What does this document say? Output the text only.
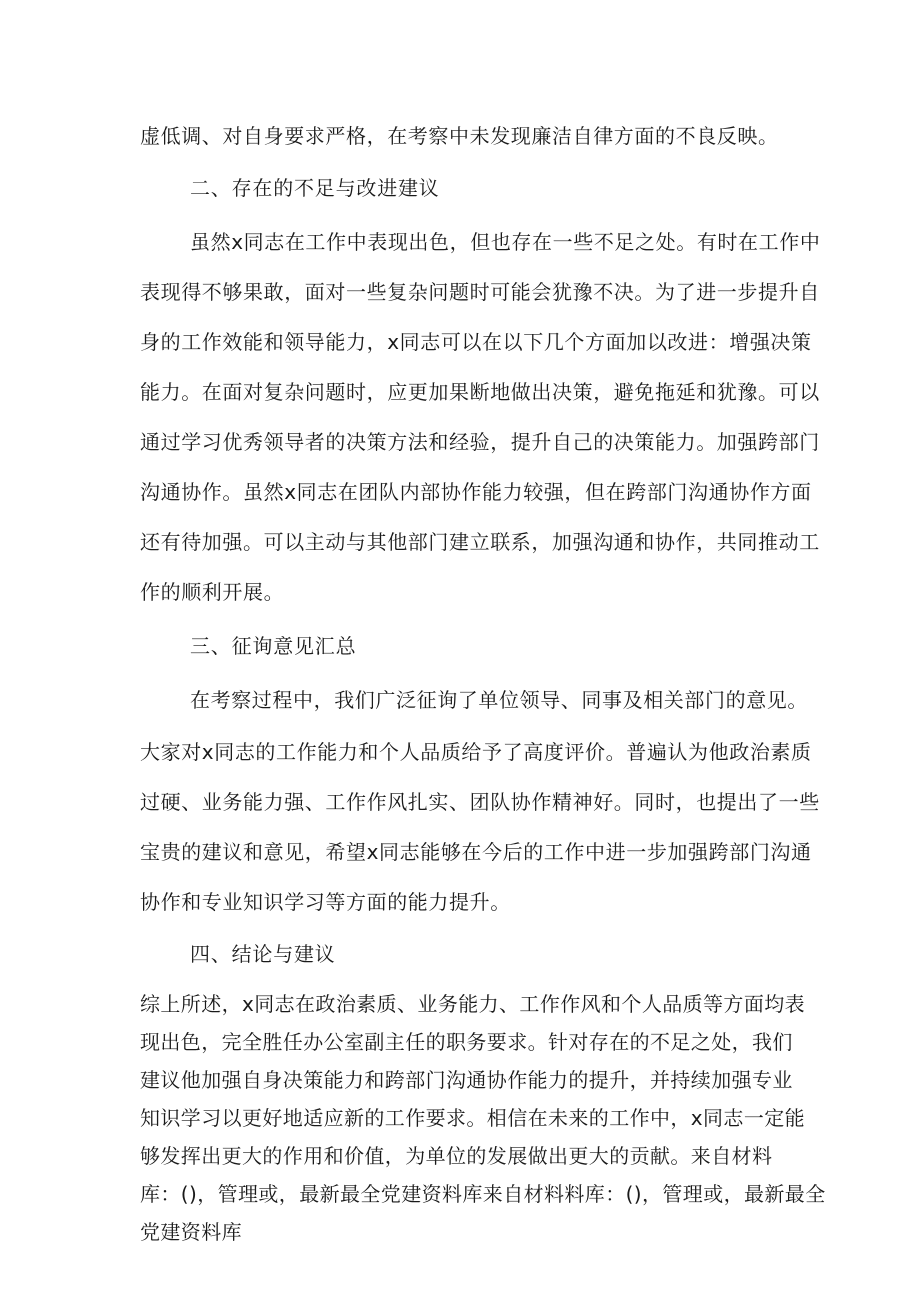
虚低调、对自身要求严格，在考察中未发现廉洁自律方面的不良反映。
二、存在的不足与改进建议
虽然x同志在工作中表现出色，但也存在一些不足之处。有时在工作中
表现得不够果敢，面对一些复杂问题时可能会犹豫不决。为了进一步提升自
身的工作效能和领导能力，x同志可以在以下几个方面加以改进：增强决策
能力。在面对复杂问题时，应更加果断地做出决策，避免拖延和犹豫。可以
通过学习优秀领导者的决策方法和经验，提升自己的决策能力。加强跨部门
沟通协作。虽然x同志在团队内部协作能力较强，但在跨部门沟通协作方面
还有待加强。可以主动与其他部门建立联系，加强沟通和协作，共同推动工
作的顺利开展。
三、征询意见汇总
在考察过程中，我们广泛征询了单位领导、同事及相关部门的意见。
大家对x同志的工作能力和个人品质给予了高度评价。普遍认为他政治素质
过硬、业务能力强、工作作风扎实、团队协作精神好。同时，也提出了一些
宝贵的建议和意见，希望x同志能够在今后的工作中进一步加强跨部门沟通
协作和专业知识学习等方面的能力提升。
四、结论与建议
综上所述，x同志在政治素质、业务能力、工作作风和个人品质等方面均表
现出色，完全胜任办公室副主任的职务要求。针对存在的不足之处，我们
建议他加强自身决策能力和跨部门沟通协作能力的提升，并持续加强专业
知识学习以更好地适应新的工作要求。相信在未来的工作中，x同志一定能
够发挥出更大的作用和价值，为单位的发展做出更大的贡献。来自材料
库：()，管理或，最新最全党建资料库来自材料料库：()，管理或，最新最全
党建资料库
